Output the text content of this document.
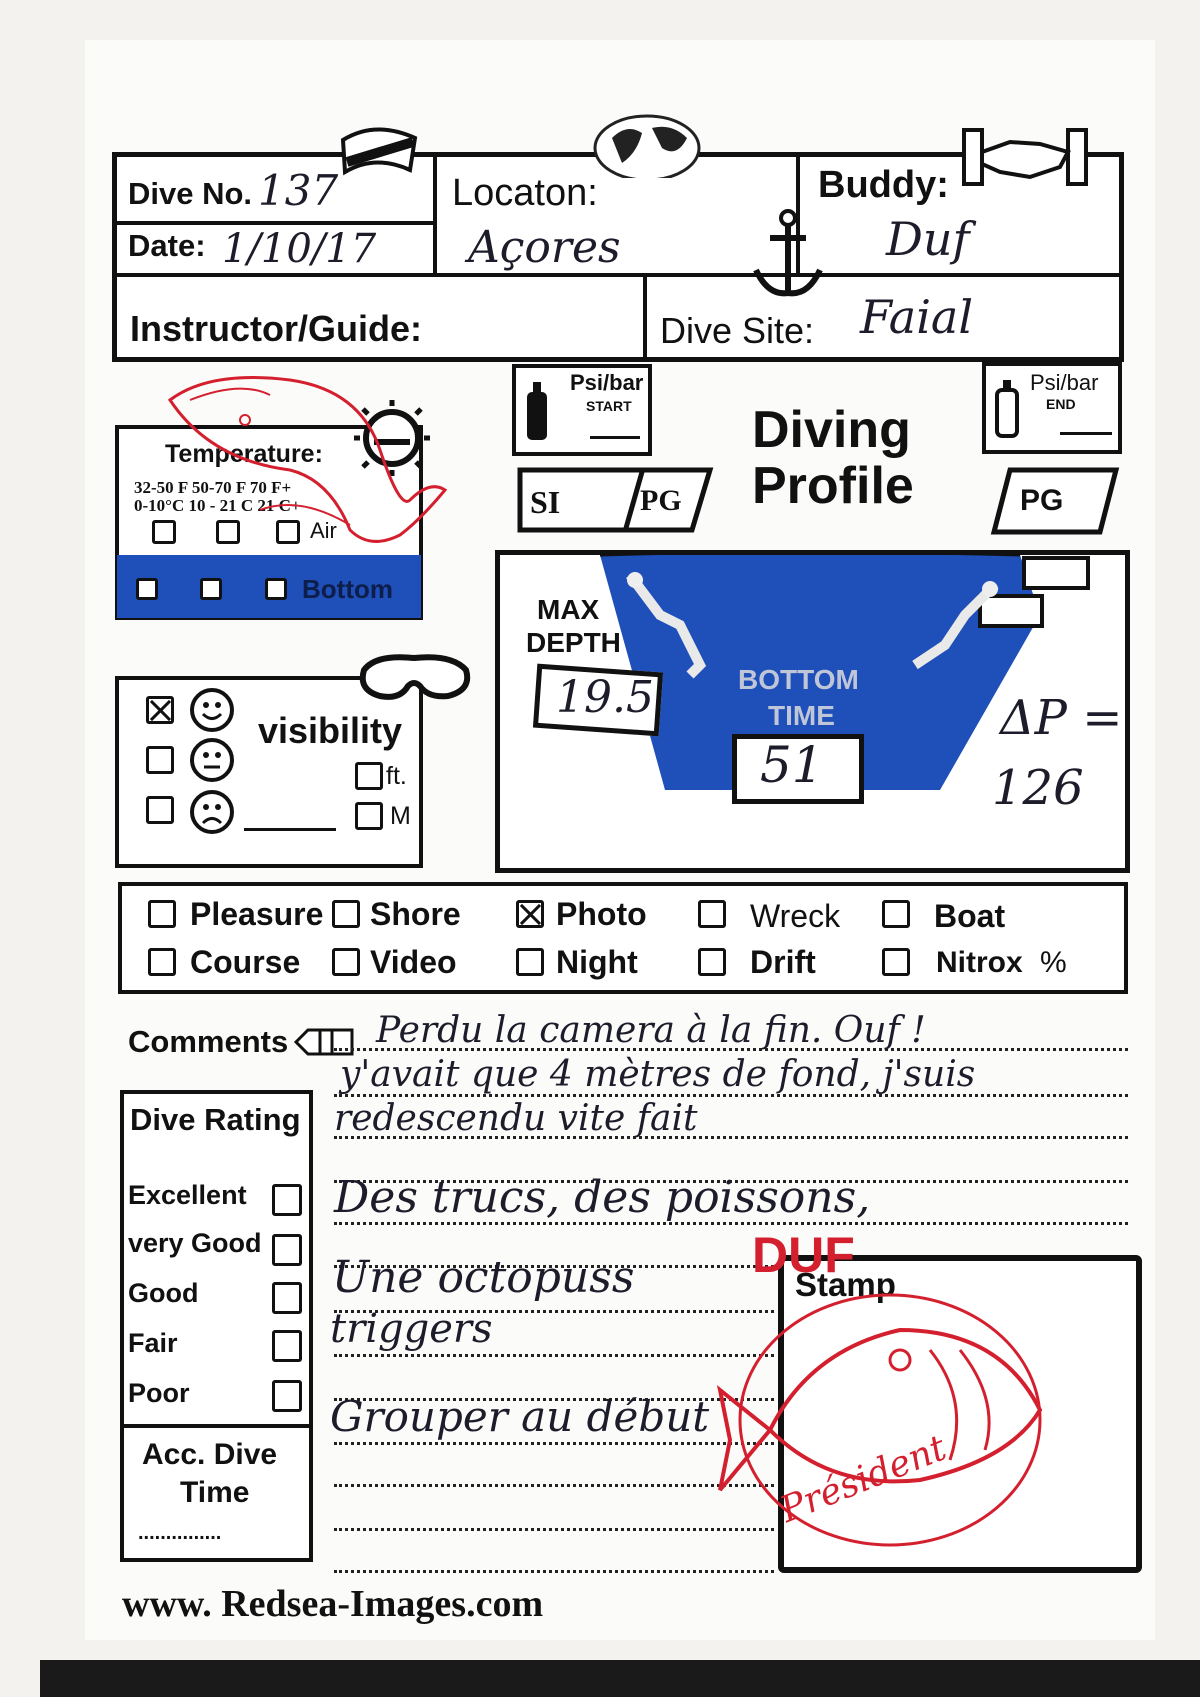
Dive No. 137
Date: 1/10/17
Locaton:
Açores
Buddy:
Duf
Instructor/Guide:	Dive Site: Faial
Temperature:
32-50 F 50-70 F 70 F+
0-10°C 10 - 21 C 21 C+
Air
Bottom
visibility
ft.
M
Psi/bar
START
Psi/bar
END
Diving
Profile
SI	PG	PG
MAX
DEPTH
19.5	BOTTOM
TIME
51
ΔP =
126
Pleasure Shore	Photo	Wreck	Boat
Course Video	Night	Drift	Nitrox %
Comments Perdu la camera à la fin. Ouf !
y'avait que 4 mètres de fond, j'suis
redescendu vite fait
Des trucs, des poissons,
Une octopuss
triggers
Grouper au début
Dive Rating
Excellent
very Good
Good
Fair
Poor
Acc. Dive
Time
...............
Stamp
DUF
Président
www. Redsea-Images.com
